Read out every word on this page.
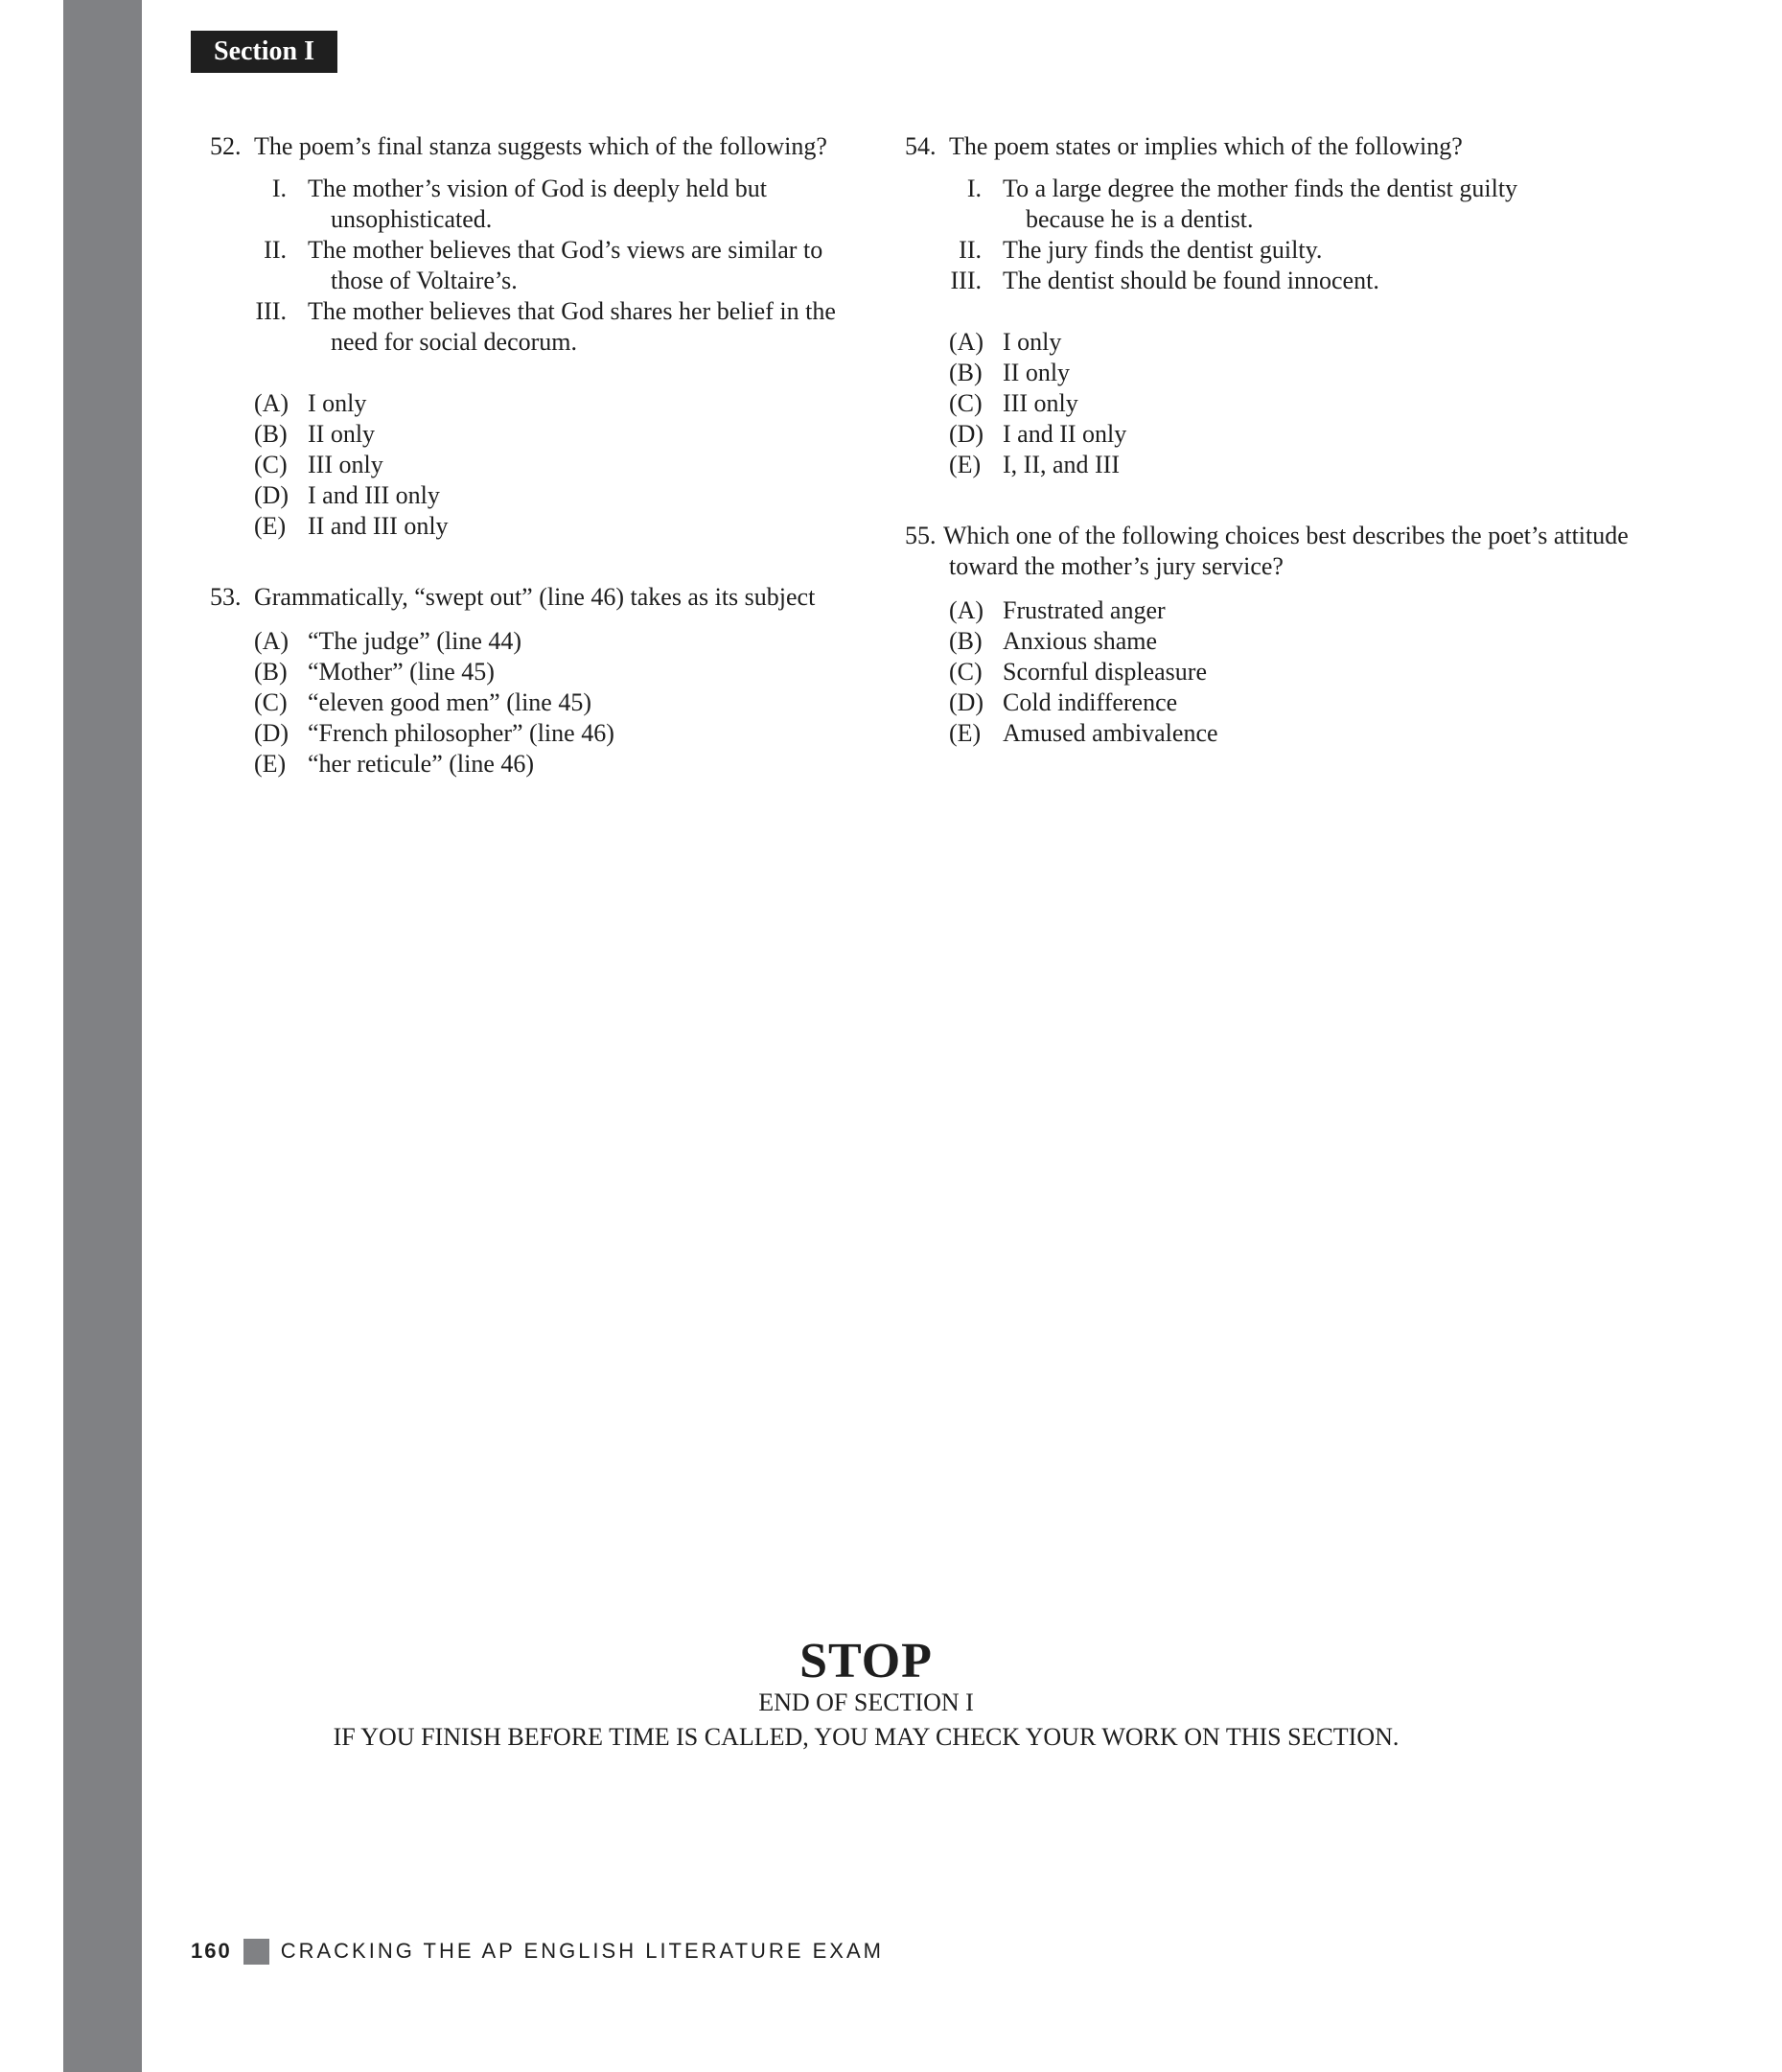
Section I
52. The poem’s final stanza suggests which of the following?
I. The mother’s vision of God is deeply held but unsophisticated.
II. The mother believes that God’s views are similar to those of Voltaire’s.
III. The mother believes that God shares her belief in the need for social decorum.
(A) I only
(B) II only
(C) III only
(D) I and III only
(E) II and III only
53. Grammatically, “swept out” (line 46) takes as its subject
(A) “The judge” (line 44)
(B) “Mother” (line 45)
(C) “eleven good men” (line 45)
(D) “French philosopher” (line 46)
(E) “her reticule” (line 46)
54. The poem states or implies which of the following?
I. To a large degree the mother finds the dentist guilty because he is a dentist.
II. The jury finds the dentist guilty.
III. The dentist should be found innocent.
(A) I only
(B) II only
(C) III only
(D) I and II only
(E) I, II, and III
55. Which one of the following choices best describes the poet’s attitude toward the mother’s jury service?
(A) Frustrated anger
(B) Anxious shame
(C) Scornful displeasure
(D) Cold indifference
(E) Amused ambivalence
STOP
END OF SECTION I
IF YOU FINISH BEFORE TIME IS CALLED, YOU MAY CHECK YOUR WORK ON THIS SECTION.
160 CRACKING THE AP ENGLISH LITERATURE EXAM
